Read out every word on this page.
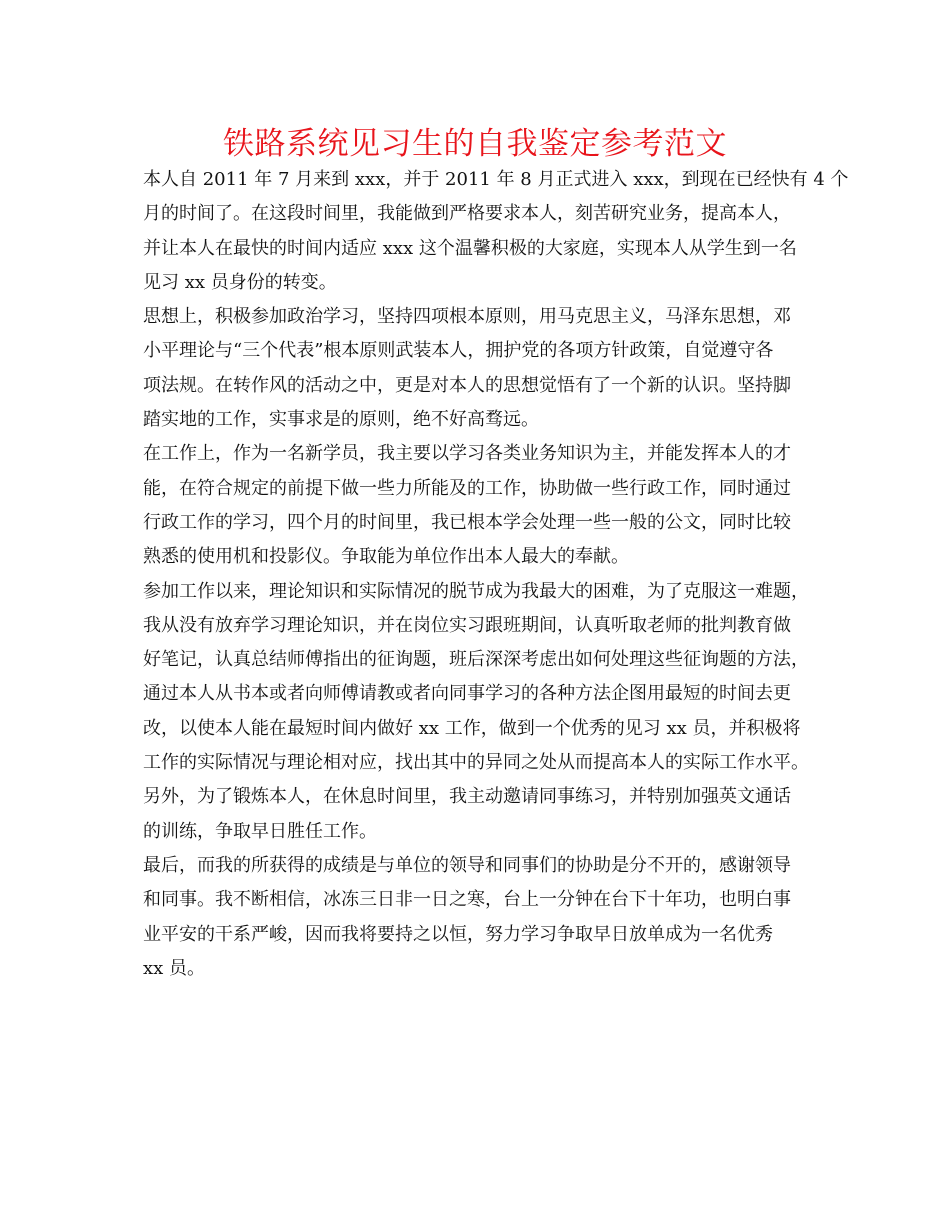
铁路系统见习生的自我鉴定参考范文
本人自 2011 年 7 月来到 xxx，并于 2011 年 8 月正式进入 xxx，到现在已经快有 4 个
月的时间了。在这段时间里，我能做到严格要求本人，刻苦研究业务，提高本人，
并让本人在最快的时间内适应 xxx 这个温馨积极的大家庭，实现本人从学生到一名
见习 xx 员身份的转变。
思想上，积极参加政治学习，坚持四项根本原则，用马克思主义，马泽东思想，邓
小平理论与“三个代表”根本原则武装本人，拥护党的各项方针政策，自觉遵守各
项法规。在转作风的活动之中，更是对本人的思想觉悟有了一个新的认识。坚持脚
踏实地的工作，实事求是的原则，绝不好高骛远。
在工作上，作为一名新学员，我主要以学习各类业务知识为主，并能发挥本人的才
能，在符合规定的前提下做一些力所能及的工作，协助做一些行政工作，同时通过
行政工作的学习，四个月的时间里，我已根本学会处理一些一般的公文，同时比较
熟悉的使用机和投影仪。争取能为单位作出本人最大的奉献。
参加工作以来，理论知识和实际情况的脱节成为我最大的困难，为了克服这一难题，
我从没有放弃学习理论知识，并在岗位实习跟班期间，认真听取老师的批判教育做
好笔记，认真总结师傅指出的征询题，班后深深考虑出如何处理这些征询题的方法，
通过本人从书本或者向师傅请教或者向同事学习的各种方法企图用最短的时间去更
改，以使本人能在最短时间内做好 xx 工作，做到一个优秀的见习 xx 员，并积极将
工作的实际情况与理论相对应，找出其中的异同之处从而提高本人的实际工作水平。
另外，为了锻炼本人，在休息时间里，我主动邀请同事练习，并特别加强英文通话
的训练，争取早日胜任工作。
最后，而我的所获得的成绩是与单位的领导和同事们的协助是分不开的，感谢领导
和同事。我不断相信，冰冻三日非一日之寒，台上一分钟在台下十年功，也明白事
业平安的干系严峻，因而我将要持之以恒，努力学习争取早日放单成为一名优秀
xx 员。
